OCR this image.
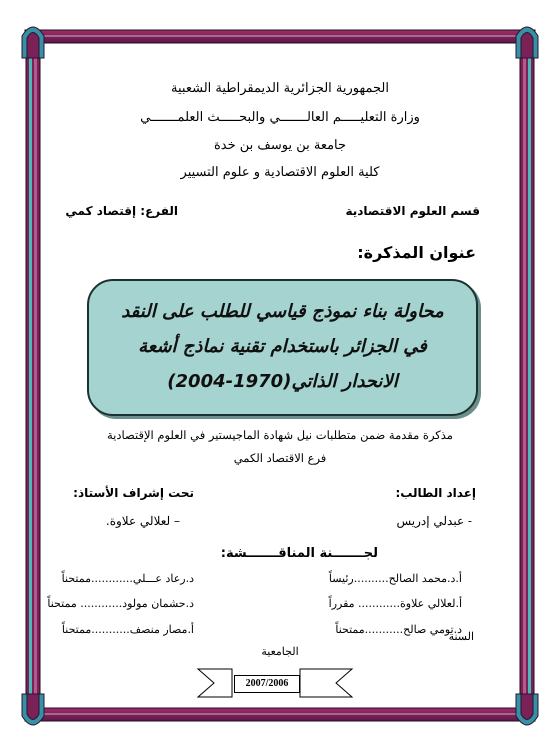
الجمهورية الجزائرية الديمقراطية الشعبية
وزارة التعليـــــم العالـــــــي والبحـــــث العلمـــــــي
جامعة بن يوسف بن خدة
كلية العلوم الاقتصادية و علوم التسيير
قسم العلوم الاقتصادية
الفرع: إقتصاد كمي
عنوان المذكرة:
محاولة بناء نموذج قياسي للطلب على النقد
في الجزائر باستخدام تقنية نماذج أشعة
الانحدار الذاتي(1970-2004)
مذكرة مقدمة ضمن متطلبات نيل شهادة الماجيستير في العلوم الإقتصادية
فرع الاقتصاد الكمي
إعداد الطالب:
تحت إشراف الأستاذ:
- عبدلي إدريس
– لعلالي علاوة.
لجـــــــنة المناقـــــــشة:
أ.د.محمد الصالح..........رئيساً
د.رعاد عـــلي............ممتحناً
أ.لعلالي علاوة............ مقرراً
د.حشمان مولود............ ممتحناً
د.تومي صالح...........ممتحناً
أ.مصار منصف...........ممتحناً
السنة
الجامعية
2007/2006
